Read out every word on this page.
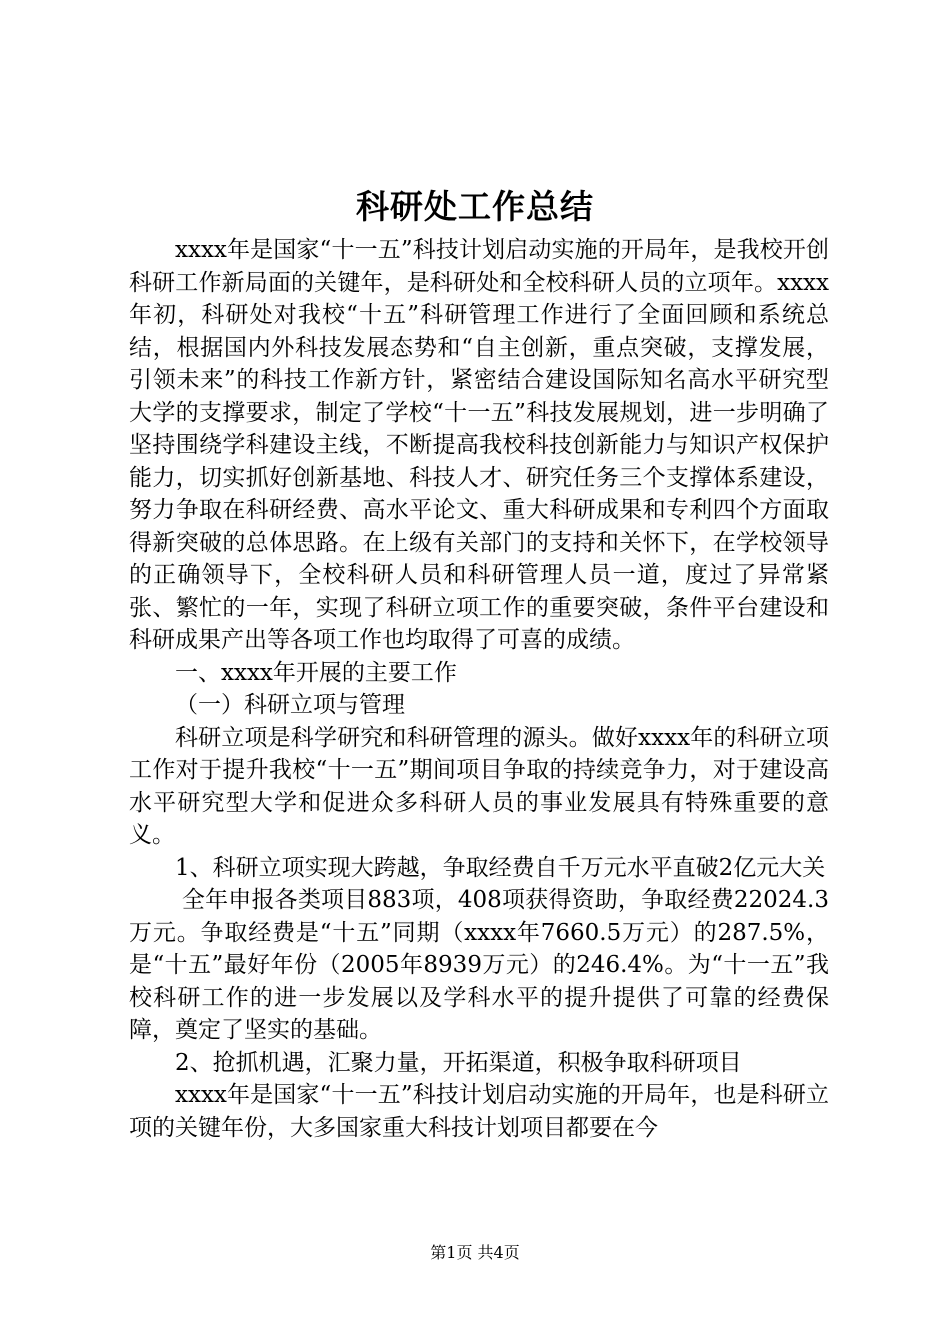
科研处工作总结

xxxx年是国家“十一五”科技计划启动实施的开局年，是我校开创科研工作新局面的关键年，是科研处和全校科研人员的立项年。xxxx年初，科研处对我校“十五”科研管理工作进行了全面回顾和系统总结，根据国内外科技发展态势和“自主创新，重点突破，支撑发展，引领未来”的科技工作新方针，紧密结合建设国际知名高水平研究型大学的支撑要求，制定了学校“十一五”科技发展规划，进一步明确了坚持围绕学科建设主线，不断提高我校科技创新能力与知识产权保护能力，切实抓好创新基地、科技人才、研究任务三个支撑体系建设，努力争取在科研经费、高水平论文、重大科研成果和专利四个方面取得新突破的总体思路。在上级有关部门的支持和关怀下，在学校领导的正确领导下，全校科研人员和科研管理人员一道，度过了异常紧张、繁忙的一年，实现了科研立项工作的重要突破，条件平台建设和科研成果产出等各项工作也均取得了可喜的成绩。

一、xxxx年开展的主要工作

（一）科研立项与管理

科研立项是科学研究和科研管理的源头。做好xxxx年的科研立项工作对于提升我校“十一五”期间项目争取的持续竞争力，对于建设高水平研究型大学和促进众多科研人员的事业发展具有特殊重要的意义。

1、科研立项实现大跨越，争取经费自千万元水平直破2亿元大关

全年申报各类项目883项，408项获得资助，争取经费22024.3万元。争取经费是“十五”同期（xxxx年7660.5万元）的287.5%，是“十五”最好年份（2005年8939万元）的246.4%。为“十一五”我校科研工作的进一步发展以及学科水平的提升提供了可靠的经费保障，奠定了坚实的基础。

2、抢抓机遇，汇聚力量，开拓渠道，积极争取科研项目

xxxx年是国家“十一五”科技计划启动实施的开局年，也是科研立项的关键年份，大多国家重大科技计划项目都要在今

第1页 共4页
